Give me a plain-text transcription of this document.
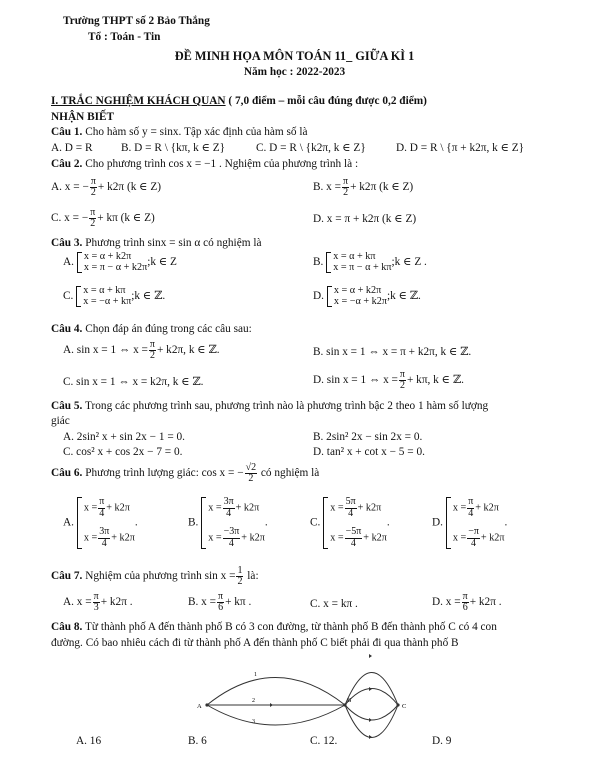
Trường THPT số 2 Bảo Thắng
Tổ : Toán - Tin
ĐỀ MINH HỌA MÔN TOÁN 11_ GIỮA KÌ 1
Năm học : 2022-2023
I. TRẮC NGHIỆM KHÁCH QUAN ( 7,0 điểm – mỗi câu đúng được 0,2 điểm)
NHẬN BIẾT
Câu 1. Cho hàm số y = sinx. Tập xác định của hàm số là
A. D = R	B. D = R \ {kπ, k ∈ Z}	C. D = R \ {k2π, k ∈ Z}	D. D = R \ {π + k2π, k ∈ Z}
Câu 2. Cho phương trình cos x = −1 . Nghiệm của phương trình là :
A. x = − $\frac{\pi}{2} + k2\pi$ (k ∈ Z)	B. $x = \frac{\pi}{2} + k2\pi$ (k ∈ Z)
C. x = − $\frac{\pi}{2} + k\pi$ (k ∈ Z)	D. x = π + k2π (k ∈ Z)
Câu 3. Phương trình sinx = sin α có nghiệm là
A. x = α + k2π
x = π − α + k2π ;k ∈ Z	B. x = α + kπ
x = π − α + kπ ;k ∈ Z .
C. x = α + kπ
x = −α + kπ ;k ∈ ℤ.	D. x = α + k2π
x = −α + k2π ;k ∈ ℤ.
Câu 4. Chọn đáp án đúng trong các câu sau:
A. sin x = 1 ⇔ $x = \frac{\pi}{2} + k2\pi$, k ∈ ℤ.	B. sin x = 1 ⇔ x = π + k2π, k ∈ ℤ.
C. sin x = 1 ⇔ x = k2π, k ∈ ℤ.	D. sin x = 1 ⇔ $x = \frac{\pi}{2} + k\pi$, k ∈ ℤ.
Câu 5. Trong các phương trình sau, phương trình nào là phương trình bậc 2 theo 1 hàm số lượng
giác
A. 2sin² x + sin 2x − 1 = 0.	B. 2sin² 2x − sin 2x = 0.
C. cos² x + cos 2x − 7 = 0.	D. tan² x + cot x − 5 = 0.
Câu 6. Phương trình lượng giác: cos x = − $\frac{√2}{2}$ có nghiệm là
A.
$x = \frac{\pi}{4} + k2\pi$
$x = \frac{3\pi}{4} + k2\pi$
.	B.
$x = \frac{3\pi}{4} + k2\pi$
$x = \frac{-3\pi}{4} + k2\pi$
.	C.
$x = \frac{5\pi}{4} + k2\pi$
$x = \frac{-5\pi}{4} + k2\pi$
.	D.
$x = \frac{\pi}{4} + k2\pi$
$x = \frac{-\pi}{4} + k2\pi$
.
Câu 7. Nghiệm của phương trình $\sin x = \frac{1}{2}$ là:
A. $x = \frac{\pi}{3} + k2\pi$ .	B. $x = \frac{\pi}{6} + k\pi$ .	C. x = kπ .	D. $x = \frac{\pi}{6} + k2\pi$ .
Câu 8. Từ thành phố A đến thành phố B có 3 con đường, từ thành phố B đến thành phố C có 4 con
đường. Có bao nhiêu cách đi từ thành phố A đến thành phố C biết phải đi qua thành phố B
A
B
C
1
2
3
A. 16	B. 6	C. 12.	D. 9
